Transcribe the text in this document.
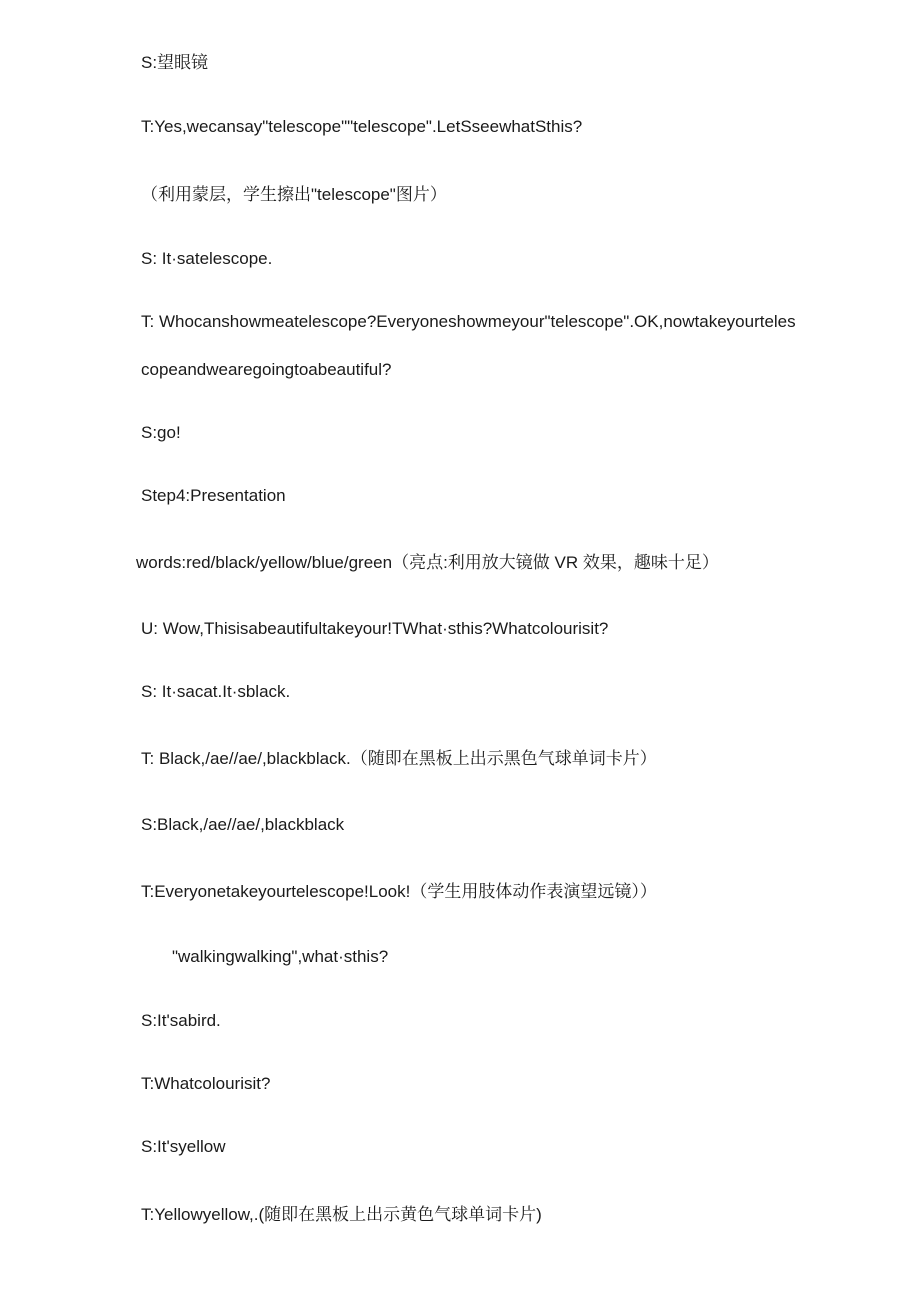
S:望眼镜
T:Yes,wecansay"telescope""telescope".LetSseewhatSthis?
（利用蒙层，学生擦出"telescope"图片）
S: It·satelescope.
T: Whocanshowmeatelescope?Everyoneshowmeyour"telescope".OK,nowtakeyourteles
copeandwearegoingtoabeautiful?
S:go!
Step4:Presentation
words:red/black/yellow/blue/green（亮点:利用放大镜做 VR 效果，趣味十足）
U: Wow,Thisisabeautifultakeyour!TWhat·sthis?Whatcolourisit?
S: It·sacat.It·sblack.
T: Black,/ae//ae/,blackblack.（随即在黑板上出示黑色气球单词卡片）
S:Black,/ae//ae/,blackblack
T:Everyonetakeyourtelescope!Look!（学生用肢体动作表演望远镜））
"walkingwalking",what·sthis?
S:It'sabird.
T:Whatcolourisit?
S:It'syellow
T:Yellowyellow,.(随即在黑板上出示黄色气球单词卡片)
